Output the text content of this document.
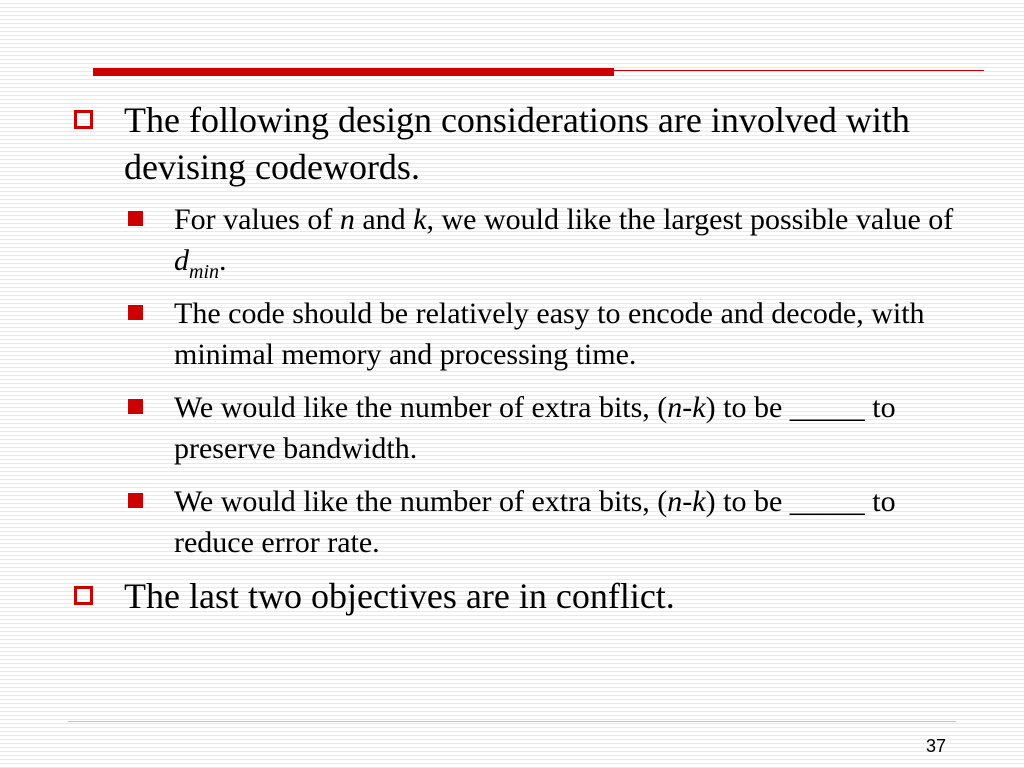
The following design considerations are involved with devising codewords.
For values of n and k, we would like the largest possible value of $d_{min}$.
The code should be relatively easy to encode and decode, with minimal memory and processing time.
We would like the number of extra bits, (n-k) to be _____ to preserve bandwidth.
We would like the number of extra bits, (n-k) to be _____ to reduce error rate.
The last two objectives are in conflict.
37
